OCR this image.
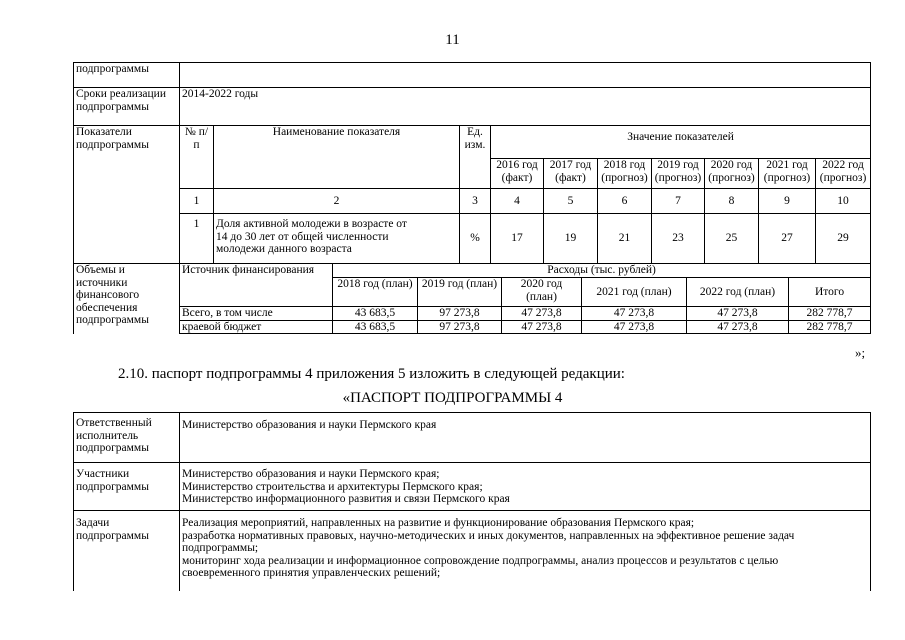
11
подпрограммы	
Сроки реализации подпрограммы	2014-2022 годы
Показатели подпрограммы	№ п/п	Наименование показателя	Ед. изм.	Значение показателей						
				2016 год (факт)	2017 год (факт)	2018 год (прогноз)	2019 год (прогноз)	2020 год (прогноз)	2021 год (прогноз)	2022 год (прогноз)
	1	2	3	4	5	6	7	8	9	10
	1	Доля активной молодежи в возрасте от 14 до 30 лет от общей численности молодежи данного возраста	%	17	19	21	23	25	27	29
Объемы и источники финансового обеспечения подпрограммы	Источник финансирования	Расходы (тыс. рублей)					
		2018 год (план)	2019 год (план)	2020 год (план)	2021 год (план)	2022 год (план)	Итого
	Всего, в том числе	43 683,5	97 273,8	47 273,8	47 273,8	47 273,8	282 778,7
	краевой бюджет	43 683,5	97 273,8	47 273,8	47 273,8	47 273,8	282 778,7
»;
2.10. паспорт подпрограммы 4 приложения 5 изложить в следующей редакции:
«ПАСПОРТ ПОДПРОГРАММЫ 4
Ответственный исполнитель подпрограммы	Министерство образования и науки Пермского края
Участники подпрограммы	Министерство образования и науки Пермского края;
Министерство строительства и архитектуры Пермского края;
Министерство информационного развития и связи Пермского края

Задачи подпрограммы	Реализация мероприятий, направленных на развитие и функционирование образования Пермского края;
разработка нормативных правовых, научно-методических и иных документов, направленных на эффективное решение задач подпрограммы;
мониторинг хода реализации и информационное сопровождение подпрограммы, анализ процессов и результатов с целью своевременного принятия управленческих решений;
